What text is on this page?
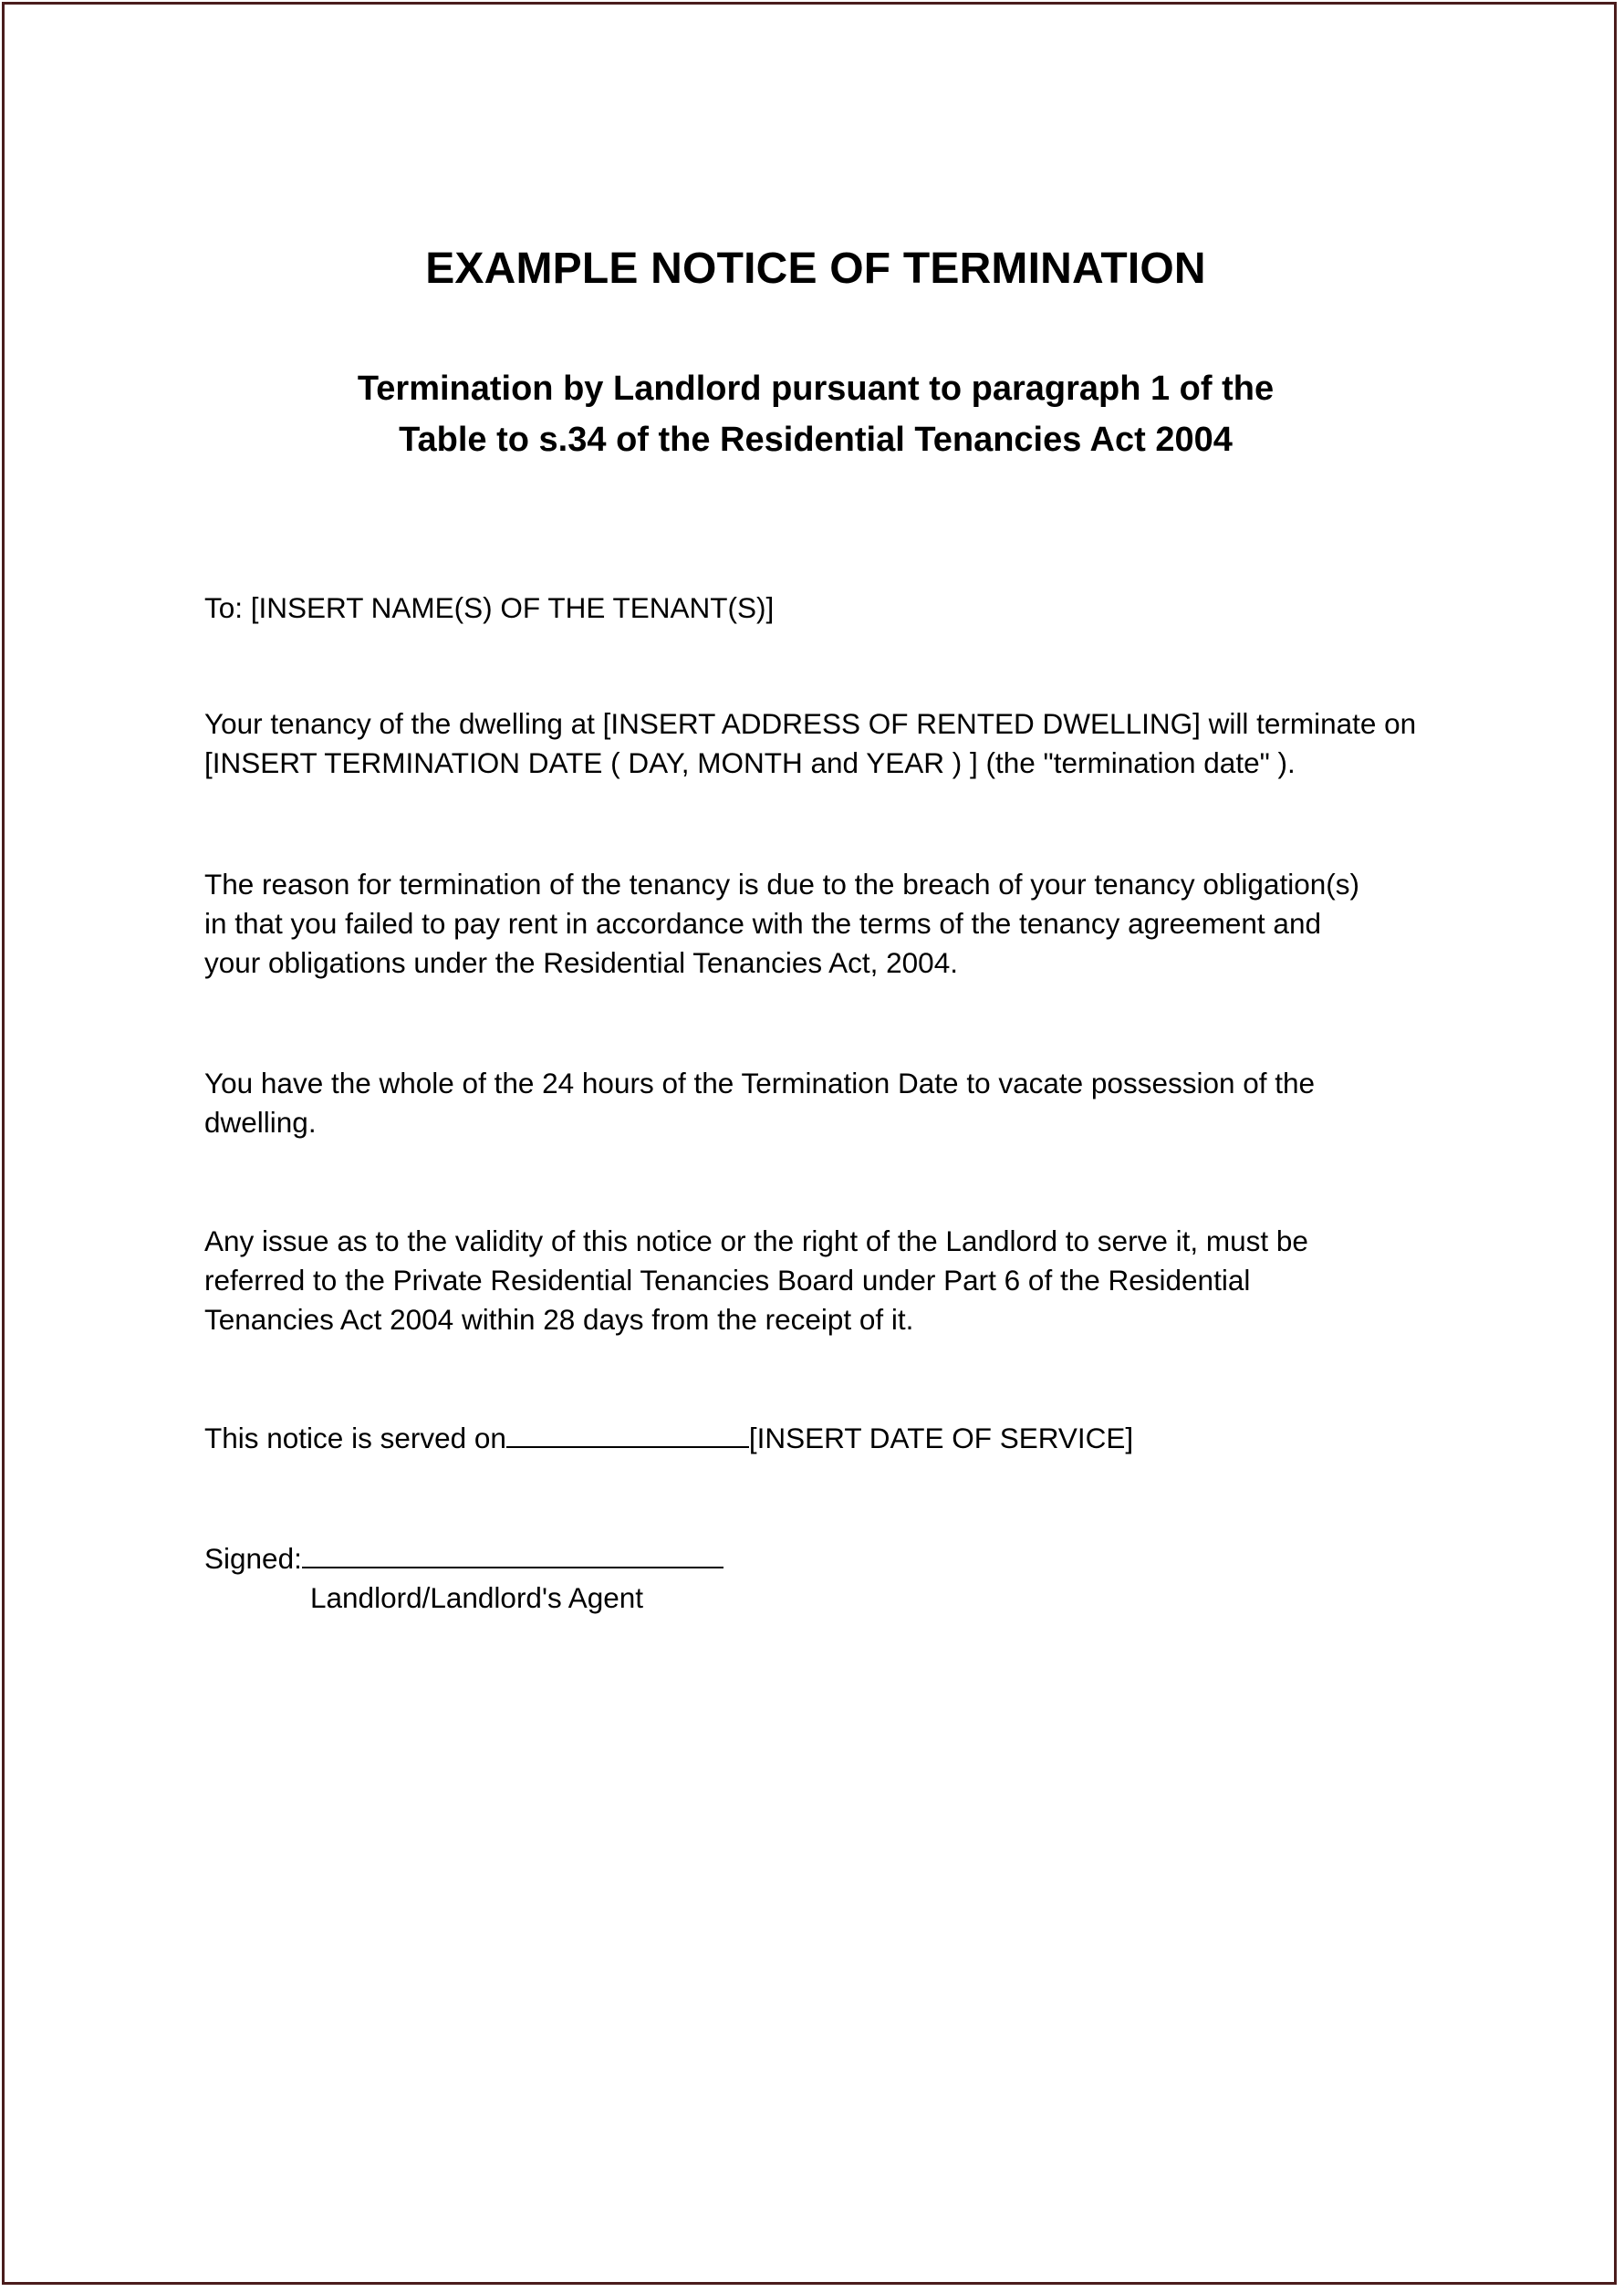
EXAMPLE NOTICE OF TERMINATION
Termination by Landlord pursuant to paragraph 1 of the
Table to s.34 of the Residential Tenancies Act 2004
To: [INSERT NAME(S) OF THE TENANT(S)]
Your tenancy of the dwelling at [INSERT ADDRESS OF RENTED DWELLING] will terminate on
[INSERT TERMINATION DATE ( DAY, MONTH and YEAR ) ] (the "termination date" ).
The reason for termination of the tenancy is due to the breach of your tenancy obligation(s)
in that you failed to pay rent in accordance with the terms of the tenancy agreement and
your obligations under the Residential Tenancies Act, 2004.
You have the whole of the 24 hours of the Termination Date to vacate possession of the
dwelling.
Any issue as to the validity of this notice or the right of the Landlord to serve it, must be
referred to the Private Residential Tenancies Board under Part 6 of the Residential
Tenancies Act 2004 within 28 days from the receipt of it.
This notice is served on	[INSERT DATE OF SERVICE]
Signed:
Landlord/Landlord's Agent
